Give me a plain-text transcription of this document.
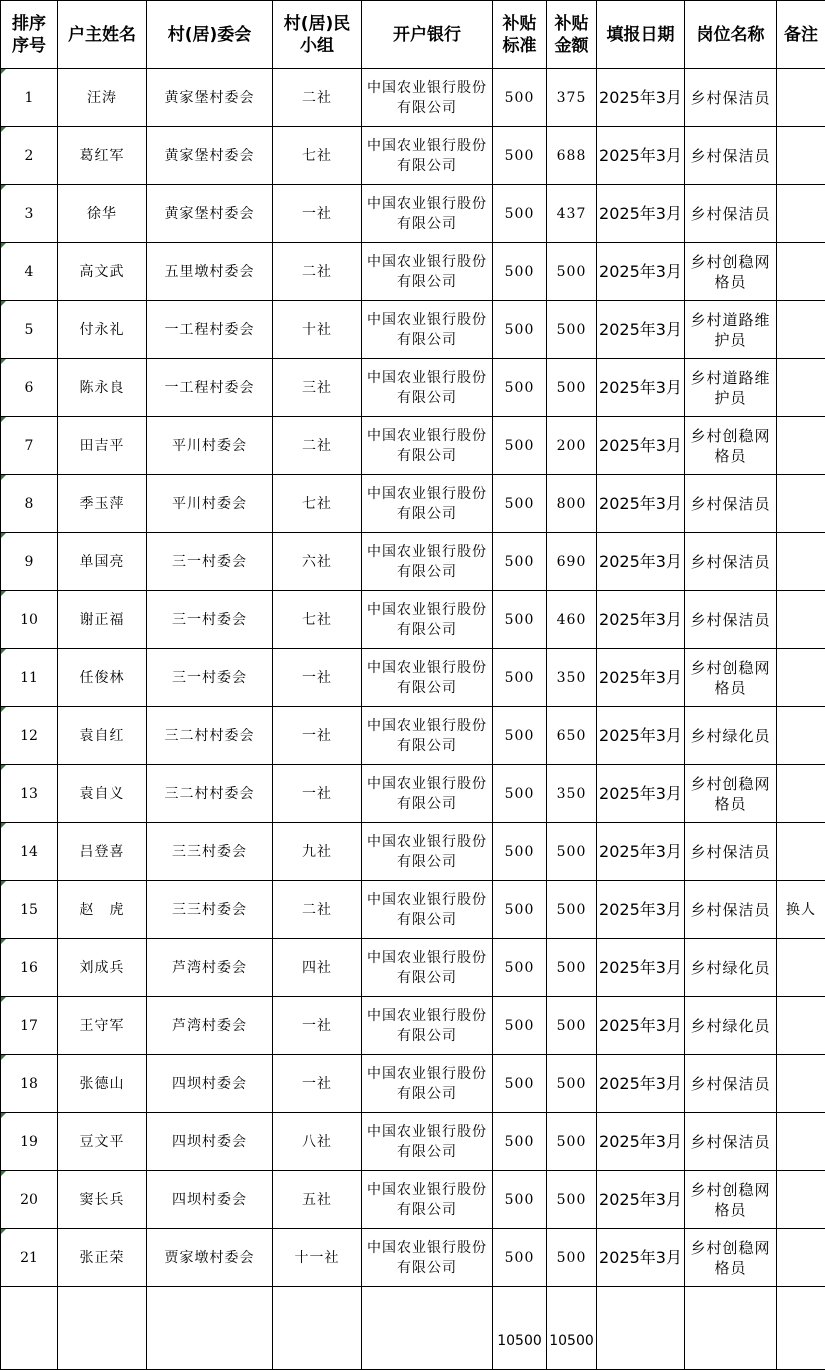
排序序号	户主姓名	村(居)委会	村(居)民小组	开户银行	补贴标准	补贴金额	填报日期	岗位名称	备注
1	汪涛	黄家堡村委会	二社	中国农业银行股份有限公司	500	375	2025年3月	乡村保洁员	
2	葛红军	黄家堡村委会	七社	中国农业银行股份有限公司	500	688	2025年3月	乡村保洁员	
3	徐华	黄家堡村委会	一社	中国农业银行股份有限公司	500	437	2025年3月	乡村保洁员	
4	高文武	五里墩村委会	二社	中国农业银行股份有限公司	500	500	2025年3月	乡村创稳网格员	
5	付永礼	一工程村委会	十社	中国农业银行股份有限公司	500	500	2025年3月	乡村道路维护员	
6	陈永良	一工程村委会	三社	中国农业银行股份有限公司	500	500	2025年3月	乡村道路维护员	
7	田吉平	平川村委会	二社	中国农业银行股份有限公司	500	200	2025年3月	乡村创稳网格员	
8	季玉萍	平川村委会	七社	中国农业银行股份有限公司	500	800	2025年3月	乡村保洁员	
9	单国亮	三一村委会	六社	中国农业银行股份有限公司	500	690	2025年3月	乡村保洁员	
10	谢正福	三一村委会	七社	中国农业银行股份有限公司	500	460	2025年3月	乡村保洁员	
11	任俊林	三一村委会	一社	中国农业银行股份有限公司	500	350	2025年3月	乡村创稳网格员	
12	袁自红	三二村村委会	一社	中国农业银行股份有限公司	500	650	2025年3月	乡村绿化员	
13	袁自义	三二村村委会	一社	中国农业银行股份有限公司	500	350	2025年3月	乡村创稳网格员	
14	吕登喜	三三村委会	九社	中国农业银行股份有限公司	500	500	2025年3月	乡村保洁员	
15	赵　虎	三三村委会	二社	中国农业银行股份有限公司	500	500	2025年3月	乡村保洁员	换人
16	刘成兵	芦湾村委会	四社	中国农业银行股份有限公司	500	500	2025年3月	乡村绿化员	
17	王守军	芦湾村委会	一社	中国农业银行股份有限公司	500	500	2025年3月	乡村绿化员	
18	张德山	四坝村委会	一社	中国农业银行股份有限公司	500	500	2025年3月	乡村保洁员	
19	豆文平	四坝村委会	八社	中国农业银行股份有限公司	500	500	2025年3月	乡村保洁员	
20	窦长兵	四坝村委会	五社	中国农业银行股份有限公司	500	500	2025年3月	乡村创稳网格员	
21	张正荣	贾家墩村委会	十一社	中国农业银行股份有限公司	500	500	2025年3月	乡村创稳网格员	
					10500	10500			
